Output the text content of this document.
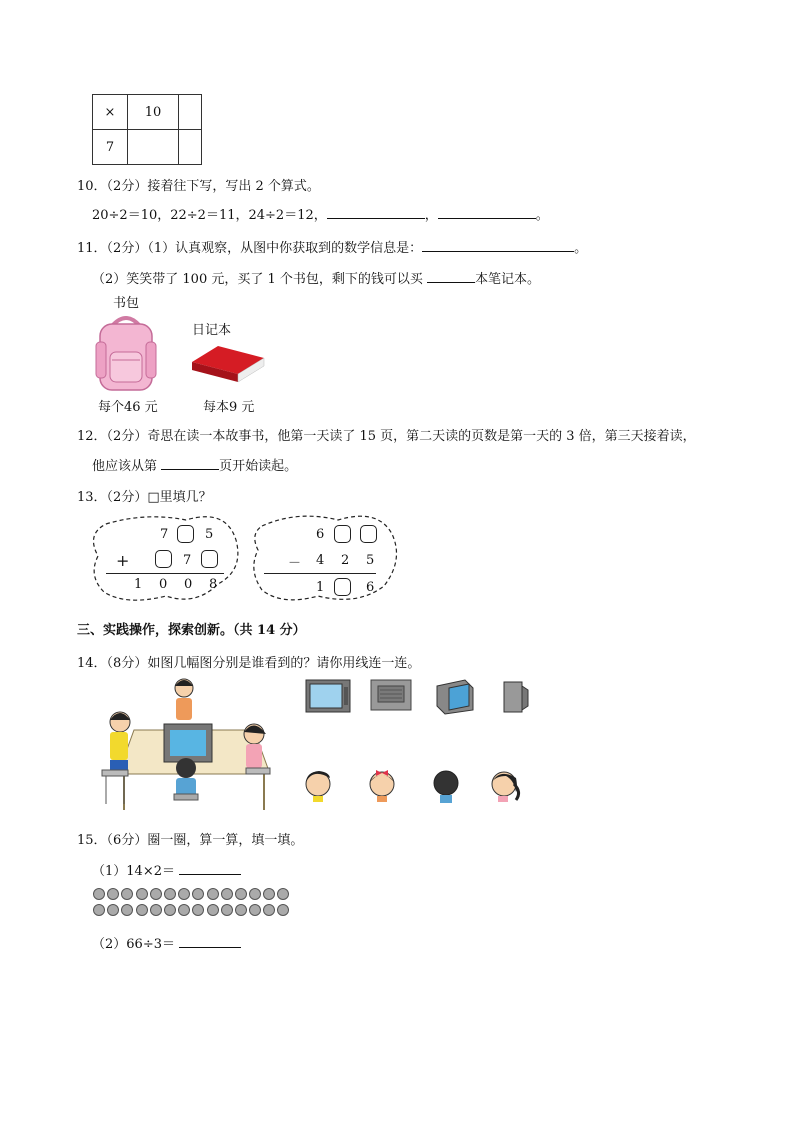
×	10	
7		
10．（2分）接着往下写，写出 2 个算式。
20÷2＝10，22÷2＝11，24÷2＝12，	，	。
11．（2分）（1）认真观察，从图中你获取到的数学信息是：	。
（2）笑笑带了 100 元，买了 1 个书包，剩下的钱可以买	本笔记本。
书包
每个46 元
日记本
每本9 元
12．（2分）奇思在读一本故事书，他第一天读了 15 页，第二天读的页数是第一天的 3 倍，第三天接着读，
他应该从第	页开始读起。
13．（2分）□里填几？
7	5
+	7
1 0 0 8
6
－ 4 2 5
1	6
三、实践操作，探索创新。（共 14 分）
14．（8分）如图几幅图分别是谁看到的？请你用线连一连。
15．（6分）圈一圈，算一算，填一填。
（1）14×2＝
（2）66÷3＝
